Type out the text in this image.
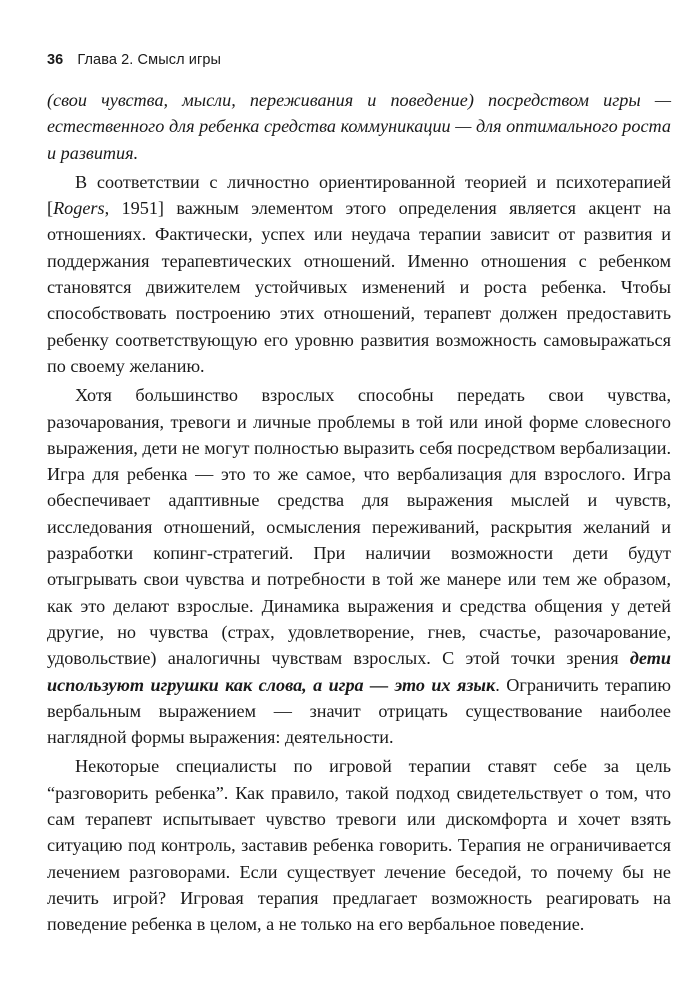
36 Глава 2. Смысл игры

(свои чувства, мысли, переживания и поведение) посредством игры — естественного для ребенка средства коммуникации — для оптимального роста и развития.

В соответствии с личностно ориентированной теорией и психотерапией [Rogers, 1951] важным элементом этого определения является акцент на отношениях. Фактически, успех или неудача терапии зависит от развития и поддержания терапевтических отношений. Именно отношения с ребенком становятся движителем устойчивых изменений и роста ребенка. Чтобы способствовать построению этих отношений, терапевт должен предоставить ребенку соответствующую его уровню развития возможность самовыражаться по своему желанию.

Хотя большинство взрослых способны передать свои чувства, разочарования, тревоги и личные проблемы в той или иной форме словесного выражения, дети не могут полностью выразить себя посредством вербализации. Игра для ребенка — это то же самое, что вербализация для взрослого. Игра обеспечивает адаптивные средства для выражения мыслей и чувств, исследования отношений, осмысления переживаний, раскрытия желаний и разработки копинг-стратегий. При наличии возможности дети будут отыгрывать свои чувства и потребности в той же манере или тем же образом, как это делают взрослые. Динамика выражения и средства общения у детей другие, но чувства (страх, удовлетворение, гнев, счастье, разочарование, удовольствие) аналогичны чувствам взрослых. С этой точки зрения дети используют игрушки как слова, а игра — это их язык. Ограничить терапию вербальным выражением — значит отрицать существование наиболее наглядной формы выражения: деятельности.

Некоторые специалисты по игровой терапии ставят себе за цель “разговорить ребенка”. Как правило, такой подход свидетельствует о том, что сам терапевт испытывает чувство тревоги или дискомфорта и хочет взять ситуацию под контроль, заставив ребенка говорить. Терапия не ограничивается лечением разговорами. Если существует лечение беседой, то почему бы не лечить игрой? Игровая терапия предлагает возможность реагировать на поведение ребенка в целом, а не только на его вербальное поведение.
